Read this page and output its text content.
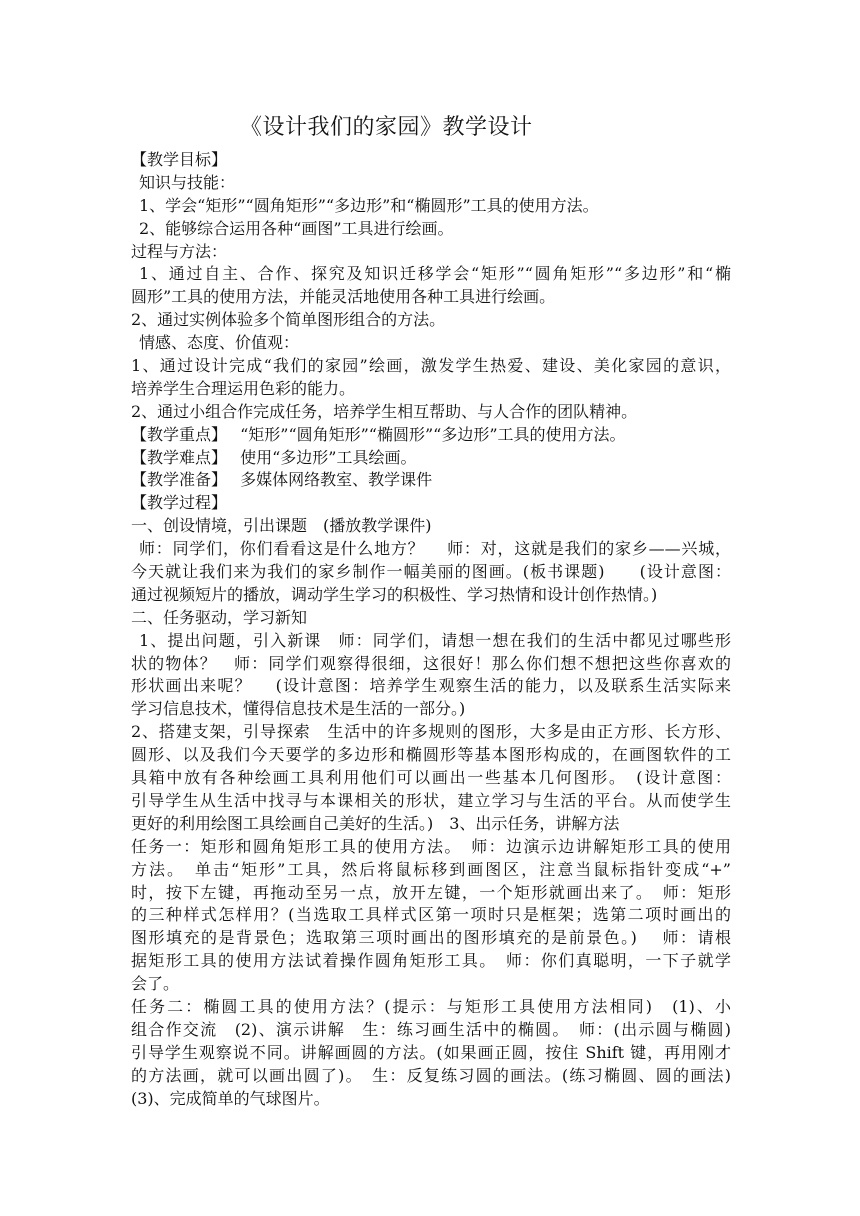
《设计我们的家园》教学设计
【教学目标】
知识与技能：
1、学会“矩形”“圆角矩形”“多边形”和“椭圆形”工具的使用方法。
2、能够综合运用各种“画图”工具进行绘画。
过程与方法：
1、通过自主、合作、探究及知识迁移学会“矩形”“圆角矩形”“多边形”和“椭
圆形”工具的使用方法，并能灵活地使用各种工具进行绘画。
2、通过实例体验多个简单图形组合的方法。
情感、态度、价值观：
1、通过设计完成“我们的家园”绘画，激发学生热爱、建设、美化家园的意识，
培养学生合理运用色彩的能力。
2、通过小组合作完成任务，培养学生相互帮助、与人合作的团队精神。
【教学重点】　 “矩形”“圆角矩形”“椭圆形”“多边形”工具的使用方法。
【教学难点】　 使用“多边形”工具绘画。
【教学准备】　 多媒体网络教室、教学课件
【教学过程】
一、创设情境，引出课题　(播放教学课件)
师：同学们，你们看看这是什么地方？　 师：对，这就是我们的家乡——兴城，
今天就让我们来为我们的家乡制作一幅美丽的图画。(板书课题)　　(设计意图：
通过视频短片的播放，调动学生学习的积极性、学习热情和设计创作热情。)
二、任务驱动，学习新知
1、提出问题，引入新课　师：同学们，请想一想在我们的生活中都见过哪些形
状的物体？　师：同学们观察得很细，这很好！那么你们想不想把这些你喜欢的
形状画出来呢？　 (设计意图：培养学生观察生活的能力，以及联系生活实际来
学习信息技术，懂得信息技术是生活的一部分。)
2、搭建支架，引导探索　生活中的许多规则的图形，大多是由正方形、长方形、
圆形、以及我们今天要学的多边形和椭圆形等基本图形构成的，在画图软件的工
具箱中放有各种绘画工具利用他们可以画出一些基本几何图形。　(设计意图：
引导学生从生活中找寻与本课相关的形状，建立学习与生活的平台。从而使学生
更好的利用绘图工具绘画自己美好的生活。)　3、出示任务，讲解方法
任务一：矩形和圆角矩形工具的使用方法。　师：边演示边讲解矩形工具的使用
方法。　单击“矩形”工具，然后将鼠标移到画图区，注意当鼠标指针变成“+”
时，按下左键，再拖动至另一点，放开左键，一个矩形就画出来了。　师：矩形
的三种样式怎样用？(当选取工具样式区第一项时只是框架；选第二项时画出的
图形填充的是背景色；选取第三项时画出的图形填充的是前景色。)　 师：请根
据矩形工具的使用方法试着操作圆角矩形工具。　师：你们真聪明，一下子就学
会了。
任务二：椭圆工具的使用方法？(提示：与矩形工具使用方法相同)　(1)、小
组合作交流　(2)、演示讲解　生：练习画生活中的椭圆。　师：(出示圆与椭圆)
引导学生观察说不同。讲解画圆的方法。(如果画正圆，按住 Shift 键，再用刚才
的方法画，就可以画出圆了)。　生：反复练习圆的画法。(练习椭圆、圆的画法)
(3)、完成简单的气球图片。
